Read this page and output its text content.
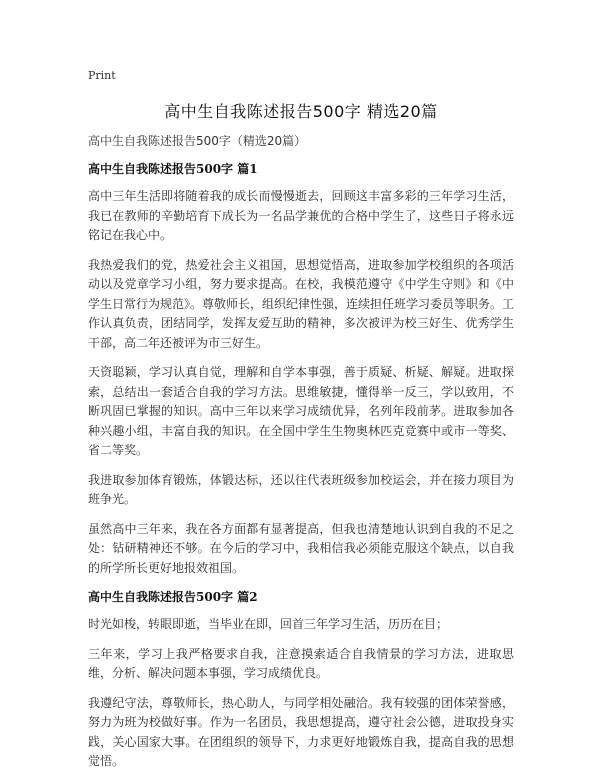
Print
高中生自我陈述报告500字 精选20篇

高中生自我陈述报告500字（精选20篇）

高中生自我陈述报告500字 篇1

高中三年生活即将随着我的成长而慢慢逝去，回顾这丰富多彩的三年学习生活，我已在教师的辛勤培育下成长为一名品学兼优的合格中学生了，这些日子将永远铭记在我心中。

我热爱我们的党，热爱社会主义祖国，思想觉悟高，进取参加学校组织的各项活动以及党章学习小组，努力要求提高。在校，我模范遵守《中学生守则》和《中学生日常行为规范》。尊敬师长，组织纪律性强，连续担任班学习委员等职务。工作认真负责，团结同学，发挥友爱互助的精神，多次被评为校三好生、优秀学生干部，高二年还被评为市三好生。

天资聪颖，学习认真自觉，理解和自学本事强，善于质疑、析疑、解疑。进取探索，总结出一套适合自我的学习方法。思维敏捷，懂得举一反三，学以致用，不断巩固已掌握的知识。高中三年以来学习成绩优异，名列年段前茅。进取参加各种兴趣小组，丰富自我的知识。在全国中学生生物奥林匹克竞赛中或市一等奖、省二等奖。

我进取参加体育锻炼，体锻达标，还以往代表班级参加校运会，并在接力项目为班争光。

虽然高中三年来，我在各方面都有显著提高，但我也清楚地认识到自我的不足之处：钻研精神还不够。在今后的学习中，我相信我必须能克服这个缺点，以自我的所学所长更好地报效祖国。

高中生自我陈述报告500字 篇2

时光如梭，转眼即逝，当毕业在即，回首三年学习生活，历历在目；

三年来，学习上我严格要求自我，注意摸索适合自我情景的学习方法，进取思维，分析、解决问题本事强，学习成绩优良。

我遵纪守法，尊敬师长，热心助人，与同学相处融洽。我有较强的团体荣誉感，努力为班为校做好事。作为一名团员，我思想提高，遵守社会公德，进取投身实践，关心国家大事。在团组织的领导下，力求更好地锻炼自我，提高自我的思想觉悟。
